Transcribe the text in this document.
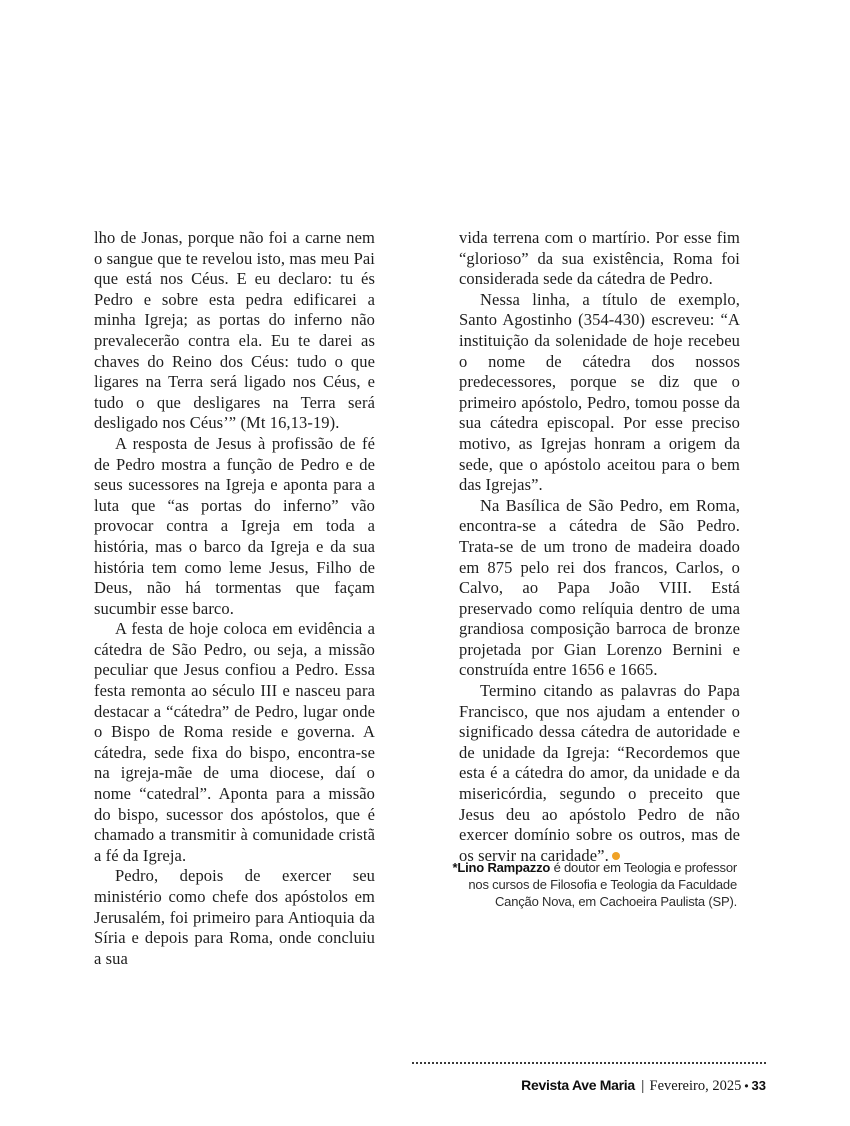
lho de Jonas, porque não foi a carne nem o sangue que te revelou isto, mas meu Pai que está nos Céus. E eu declaro: tu és Pedro e sobre esta pedra edificarei a minha Igreja; as portas do inferno não prevalecerão contra ela. Eu te darei as chaves do Reino dos Céus: tudo o que ligares na Terra será ligado nos Céus, e tudo o que desligares na Terra será desligado nos Céus’” (Mt 16,13-19).

A resposta de Jesus à profissão de fé de Pedro mostra a função de Pedro e de seus sucessores na Igreja e aponta para a luta que “as portas do inferno” vão provocar contra a Igreja em toda a história, mas o barco da Igreja e da sua história tem como leme Jesus, Filho de Deus, não há tormentas que façam sucumbir esse barco.

A festa de hoje coloca em evidência a cátedra de São Pedro, ou seja, a missão peculiar que Jesus confiou a Pedro. Essa festa remonta ao século III e nasceu para destacar a “cátedra” de Pedro, lugar onde o Bispo de Roma reside e governa. A cátedra, sede fixa do bispo, encontra-se na igreja-mãe de uma diocese, daí o nome “catedral”. Aponta para a missão do bispo, sucessor dos apóstolos, que é chamado a transmitir à comunidade cristã a fé da Igreja.

Pedro, depois de exercer seu ministério como chefe dos apóstolos em Jerusalém, foi primeiro para Antioquia da Síria e depois para Roma, onde concluiu a sua

vida terrena com o martírio. Por esse fim “glorioso” da sua existência, Roma foi considerada sede da cátedra de Pedro.

Nessa linha, a título de exemplo, Santo Agostinho (354-430) escreveu: “A instituição da solenidade de hoje recebeu o nome de cátedra dos nossos predecessores, porque se diz que o primeiro apóstolo, Pedro, tomou posse da sua cátedra episcopal. Por esse preciso motivo, as Igrejas honram a origem da sede, que o apóstolo aceitou para o bem das Igrejas”.

Na Basílica de São Pedro, em Roma, encontra-se a cátedra de São Pedro. Trata-se de um trono de madeira doado em 875 pelo rei dos francos, Carlos, o Calvo, ao Papa João VIII. Está preservado como relíquia dentro de uma grandiosa composição barroca de bronze projetada por Gian Lorenzo Bernini e construída entre 1656 e 1665.

Termino citando as palavras do Papa Francisco, que nos ajudam a entender o significado dessa cátedra de autoridade e de unidade da Igreja: “Recordemos que esta é a cátedra do amor, da unidade e da misericórdia, segundo o preceito que Jesus deu ao apóstolo Pedro de não exercer domínio sobre os outros, mas de os servir na caridade”.

*Lino Rampazzo é doutor em Teologia e professor
nos cursos de Filosofia e Teologia da Faculdade
Canção Nova, em Cachoeira Paulista (SP).
Revista Ave Maria | Fevereiro, 2025 • 33
